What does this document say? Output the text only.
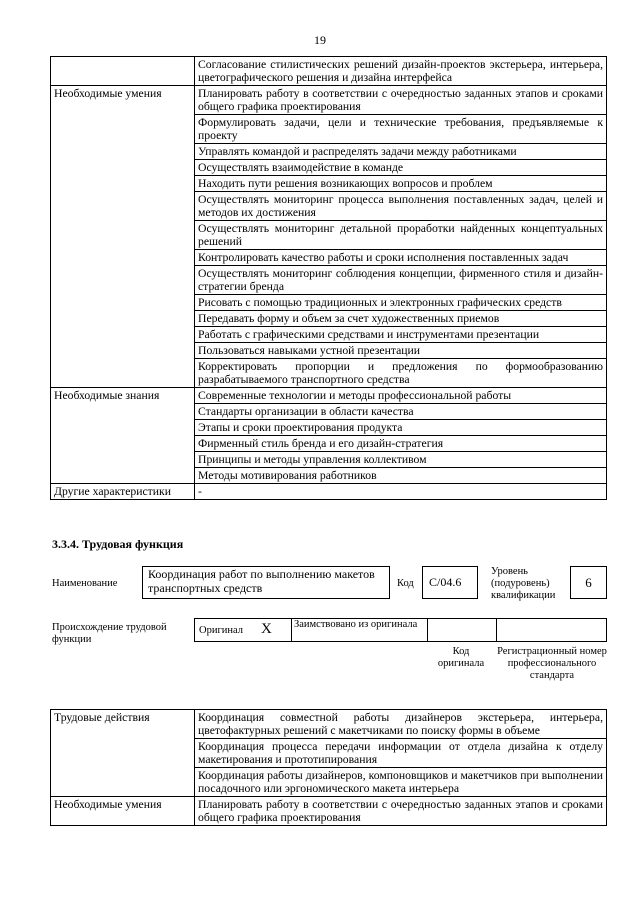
19
	Согласование стилистических решений дизайн-проектов экстерьера, интерьера, цветографического решения и дизайна интерфейса
Необходимые умения	Планировать работу в соответствии с очередностью заданных этапов и сроками общего графика проектирования
	Формулировать задачи, цели и технические требования, предъявляемые к проекту
	Управлять командой и распределять задачи между работниками
	Осуществлять взаимодействие в команде
	Находить пути решения возникающих вопросов и проблем
	Осуществлять мониторинг процесса выполнения поставленных задач, целей и методов их достижения
	Осуществлять мониторинг детальной проработки найденных концептуальных решений
	Контролировать качество работы и сроки исполнения поставленных задач
	Осуществлять мониторинг соблюдения концепции, фирменного стиля и дизайн-стратегии бренда
	Рисовать с помощью традиционных и электронных графических средств
	Передавать форму и объем за счет художественных приемов
	Работать с графическими средствами и инструментами презентации
	Пользоваться навыками устной презентации
	Корректировать пропорции и предложения по формообразованию разрабатываемого транспортного средства
Необходимые знания	Современные технологии и методы профессиональной работы
	Стандарты организации в области качества
	Этапы и сроки проектирования продукта
	Фирменный стиль бренда и его дизайн-стратегия
	Принципы и методы управления коллективом
	Методы мотивирования работников
Другие характеристики	-
3.3.4. Трудовая функция
Наименование
Координация работ по выполнению макетов транспортных средств	Код	C/04.6
Уровень (подуровень) квалификации
6
Происхождение трудовой функции
Оригинал X Заимствовано из оригинала
Код оригинала
Регистрационный номер профессионального стандарта
Трудовые действия	Координация совместной работы дизайнеров экстерьера, интерьера, цветофактурных решений с макетчиками по поиску формы в объеме
	Координация процесса передачи информации от отдела дизайна к отделу макетирования и прототипирования
	Координация работы дизайнеров, компоновщиков и макетчиков при выполнении посадочного или эргономического макета интерьера
Необходимые умения	Планировать работу в соответствии с очередностью заданных этапов и сроками общего графика проектирования
